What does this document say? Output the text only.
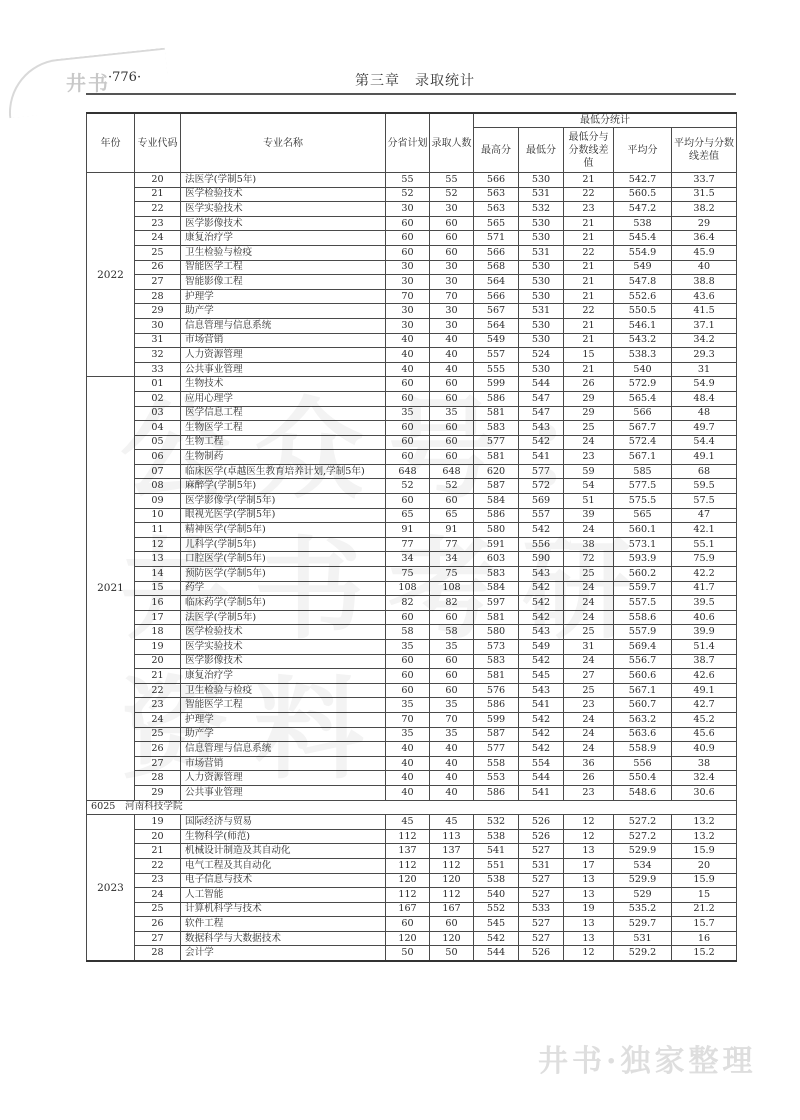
井书
·776·	第三章　录取统计
年份	专业代码	专业名称	分省计划	录取人数	最低分统计				
					最高分	最低分	最低分与分数线差值	平均分	平均分与分数线差值
2022	20	法医学(学制5年)	55	55	566	530	21	542.7	33.7
	21	医学检验技术	52	52	563	531	22	560.5	31.5
	22	医学实验技术	30	30	563	532	23	547.2	38.2
	23	医学影像技术	60	60	565	530	21	538	29
	24	康复治疗学	60	60	571	530	21	545.4	36.4
	25	卫生检验与检疫	60	60	566	531	22	554.9	45.9
	26	智能医学工程	30	30	568	530	21	549	40
	27	智能影像工程	30	30	564	530	21	547.8	38.8
	28	护理学	70	70	566	530	21	552.6	43.6
	29	助产学	30	30	567	531	22	550.5	41.5
	30	信息管理与信息系统	30	30	564	530	21	546.1	37.1
	31	市场营销	40	40	549	530	21	543.2	34.2
	32	人力资源管理	40	40	557	524	15	538.3	29.3
	33	公共事业管理	40	40	555	530	21	540	31
2021	01	生物技术	60	60	599	544	26	572.9	54.9
	02	应用心理学	60	60	586	547	29	565.4	48.4
	03	医学信息工程	35	35	581	547	29	566	48
	04	生物医学工程	60	60	583	543	25	567.7	49.7
	05	生物工程	60	60	577	542	24	572.4	54.4
	06	生物制药	60	60	581	541	23	567.1	49.1
	07	临床医学(卓越医生教育培养计划,学制5年)	648	648	620	577	59	585	68
	08	麻醉学(学制5年)	52	52	587	572	54	577.5	59.5
	09	医学影像学(学制5年)	60	60	584	569	51	575.5	57.5
	10	眼视光医学(学制5年)	65	65	586	557	39	565	47
	11	精神医学(学制5年)	91	91	580	542	24	560.1	42.1
	12	儿科学(学制5年)	77	77	591	556	38	573.1	55.1
	13	口腔医学(学制5年)	34	34	603	590	72	593.9	75.9
	14	预防医学(学制5年)	75	75	583	543	25	560.2	42.2
	15	药学	108	108	584	542	24	559.7	41.7
	16	临床药学(学制5年)	82	82	597	542	24	557.5	39.5
	17	法医学(学制5年)	60	60	581	542	24	558.6	40.6
	18	医学检验技术	58	58	580	543	25	557.9	39.9
	19	医学实验技术	35	35	573	549	31	569.4	51.4
	20	医学影像技术	60	60	583	542	24	556.7	38.7
	21	康复治疗学	60	60	581	545	27	560.6	42.6
	22	卫生检验与检疫	60	60	576	543	25	567.1	49.1
	23	智能医学工程	35	35	586	541	23	560.7	42.7
	24	护理学	70	70	599	542	24	563.2	45.2
	25	助产学	35	35	587	542	24	563.6	45.6
	26	信息管理与信息系统	40	40	577	542	24	558.9	40.9
	27	市场营销	40	40	558	554	36	556	38
	28	人力资源管理	40	40	553	544	26	550.4	32.4
	29	公共事业管理	40	40	586	541	23	548.6	30.6
6025　河南科技学院									
2023	19	国际经济与贸易	45	45	532	526	12	527.2	13.2
	20	生物科学(师范)	112	113	538	526	12	527.2	13.2
	21	机械设计制造及其自动化	137	137	541	527	13	529.9	15.9
	22	电气工程及其自动化	112	112	551	531	17	534	20
	23	电子信息与技术	120	120	538	527	13	529.9	15.9
	24	人工智能	112	112	540	527	13	529	15
	25	计算机科学与技术	167	167	552	533	19	535.2	21.2
	26	软件工程	60	60	545	527	13	529.7	15.7
	27	数据科学与大数据技术	120	120	542	527	13	531	16
	28	会计学	50	50	544	526	12	529.2	15.2
井书·独家整理
